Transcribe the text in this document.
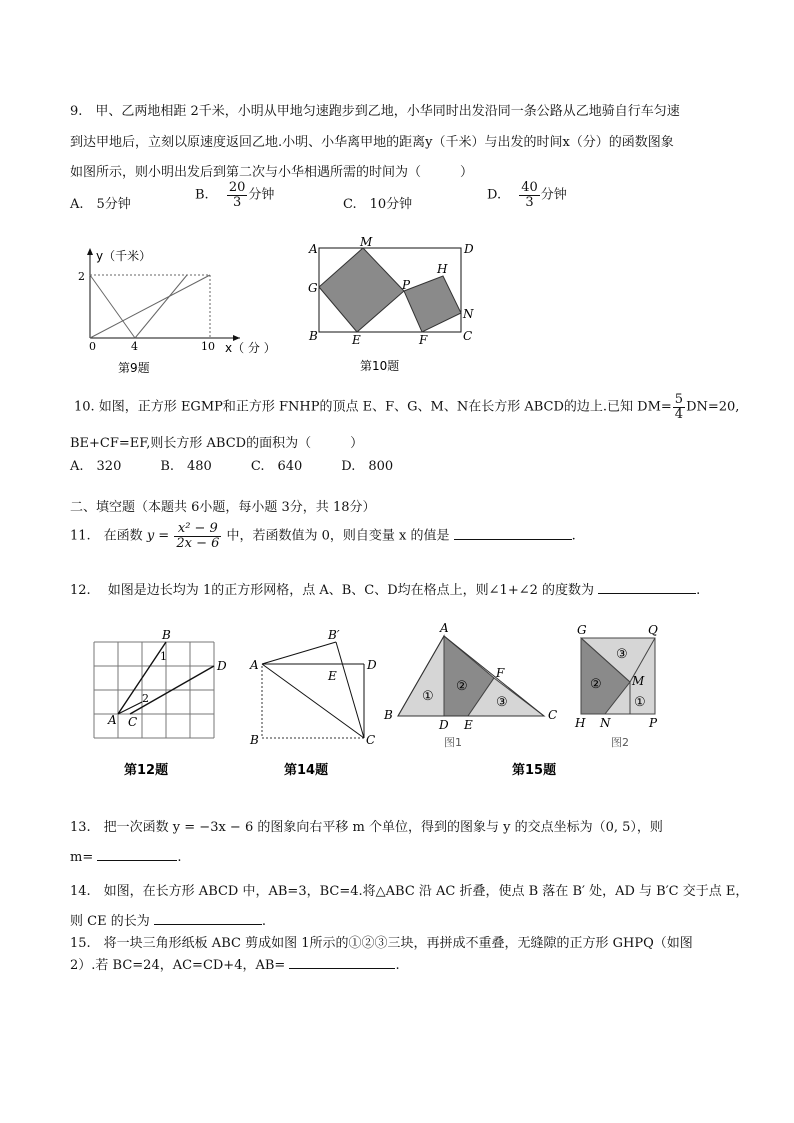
9.　甲、乙两地相距 2千米，小明从甲地匀速跑步到乙地，小华同时出发沿同一条公路从乙地骑自行车匀速
到达甲地后，立刻以原速度返回乙地.小明、小华离甲地的距离y（千米）与出发的时间x（分）的函数图象
如图所示，则小明出发后到第二次与小华相遇所需的时间为（　　　）
A.　5分钟
B. $\frac{20}{3}$ 分钟
C.　10分钟
D. $\frac{40}{3}$ 分钟
y（千米）
2
0	4	10 x（ 分 ）
第9题
A	M	D
G
H
P
N
B	E	F	C
第10题
10. 如图，正方形 EGMP和正方形 FNHP的顶点 E、F、G、M、N在长方形 ABCD的边上.已知 $DM= \frac{5}{4} DN=20$,
BE+CF=EF,则长方形 ABCD的面积为（　　　）
A.　320　　　B.　480　　　C.　640　　　D.　800
二、填空题（本题共 6小题，每小题 3分，共 18分）
11.　在函数 $y = \frac{\text{x² − 9}}{2x - 6}$ 中，若函数值为 0，则自变量 x 的值是	.
12.　 如图是边长均为 1的正方形网格，点 A、B、C、D均在格点上，则∠1+∠2 的度数为	.
A
B
C
D
1
2
第12题
A
B′
D
E
B	C
第14题
A
B	C
D E
F
①
②
③
图1
G	Q
H N	P
M
①
②
③
图2
第15题
13.　把一次函数 y = −3x − 6 的图象向右平移 m 个单位，得到的图象与 y 的交点坐标为（0, 5），则
m=	.
14.　如图，在长方形 ABCD 中，AB=3，BC=4.将△ABC 沿 AC 折叠，使点 B 落在 B′ 处，AD 与 B′C 交于点 E，
则 CE 的长为	.
15.　将一块三角形纸板 ABC 剪成如图 1所示的①②③三块，再拼成不重叠，无缝隙的正方形 GHPQ（如图
2）.若 BC=24，AC=CD+4，AB=	.
